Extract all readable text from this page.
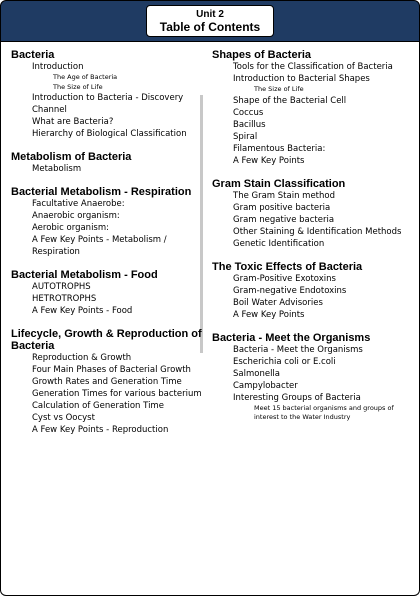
Unit 2
Table of Contents
Bacteria
Introduction
The Age of Bacteria
The Size of Life
Introduction to Bacteria - Discovery Channel
What are Bacteria?
Hierarchy of Biological Classification
Metabolism of Bacteria
Metabolism
Bacterial Metabolism - Respiration
Facultative Anaerobe:
Anaerobic organism:
Aerobic organism:
A Few Key Points - Metabolism / Respiration
Bacterial Metabolism - Food
AUTOTROPHS
HETROTROPHS
A Few Key Points - Food
Lifecycle, Growth & Reproduction of Bacteria
Reproduction & Growth
Four Main Phases of Bacterial Growth
Growth Rates and Generation Time
Generation Times for various bacterium
Calculation of Generation Time
Cyst vs Oocyst
A Few Key Points - Reproduction
Shapes of Bacteria
Tools for the Classification of Bacteria
Introduction to Bacterial Shapes
The Size of Life
Shape of the Bacterial Cell
Coccus
Bacillus
Spiral
Filamentous Bacteria:
A Few Key Points
Gram Stain Classification
The Gram Stain method
Gram positive bacteria
Gram negative bacteria
Other Staining & Identification Methods
Genetic Identification
The Toxic Effects of Bacteria
Gram-Positive Exotoxins
Gram-negative Endotoxins
Boil Water Advisories
A Few Key Points
Bacteria - Meet the Organisms
Bacteria - Meet the Organisms
Escherichia coli or E.coli
Salmonella
Campylobacter
Interesting Groups of Bacteria
Meet 15 bacterial organisms and groups of interest to the Water Industry
